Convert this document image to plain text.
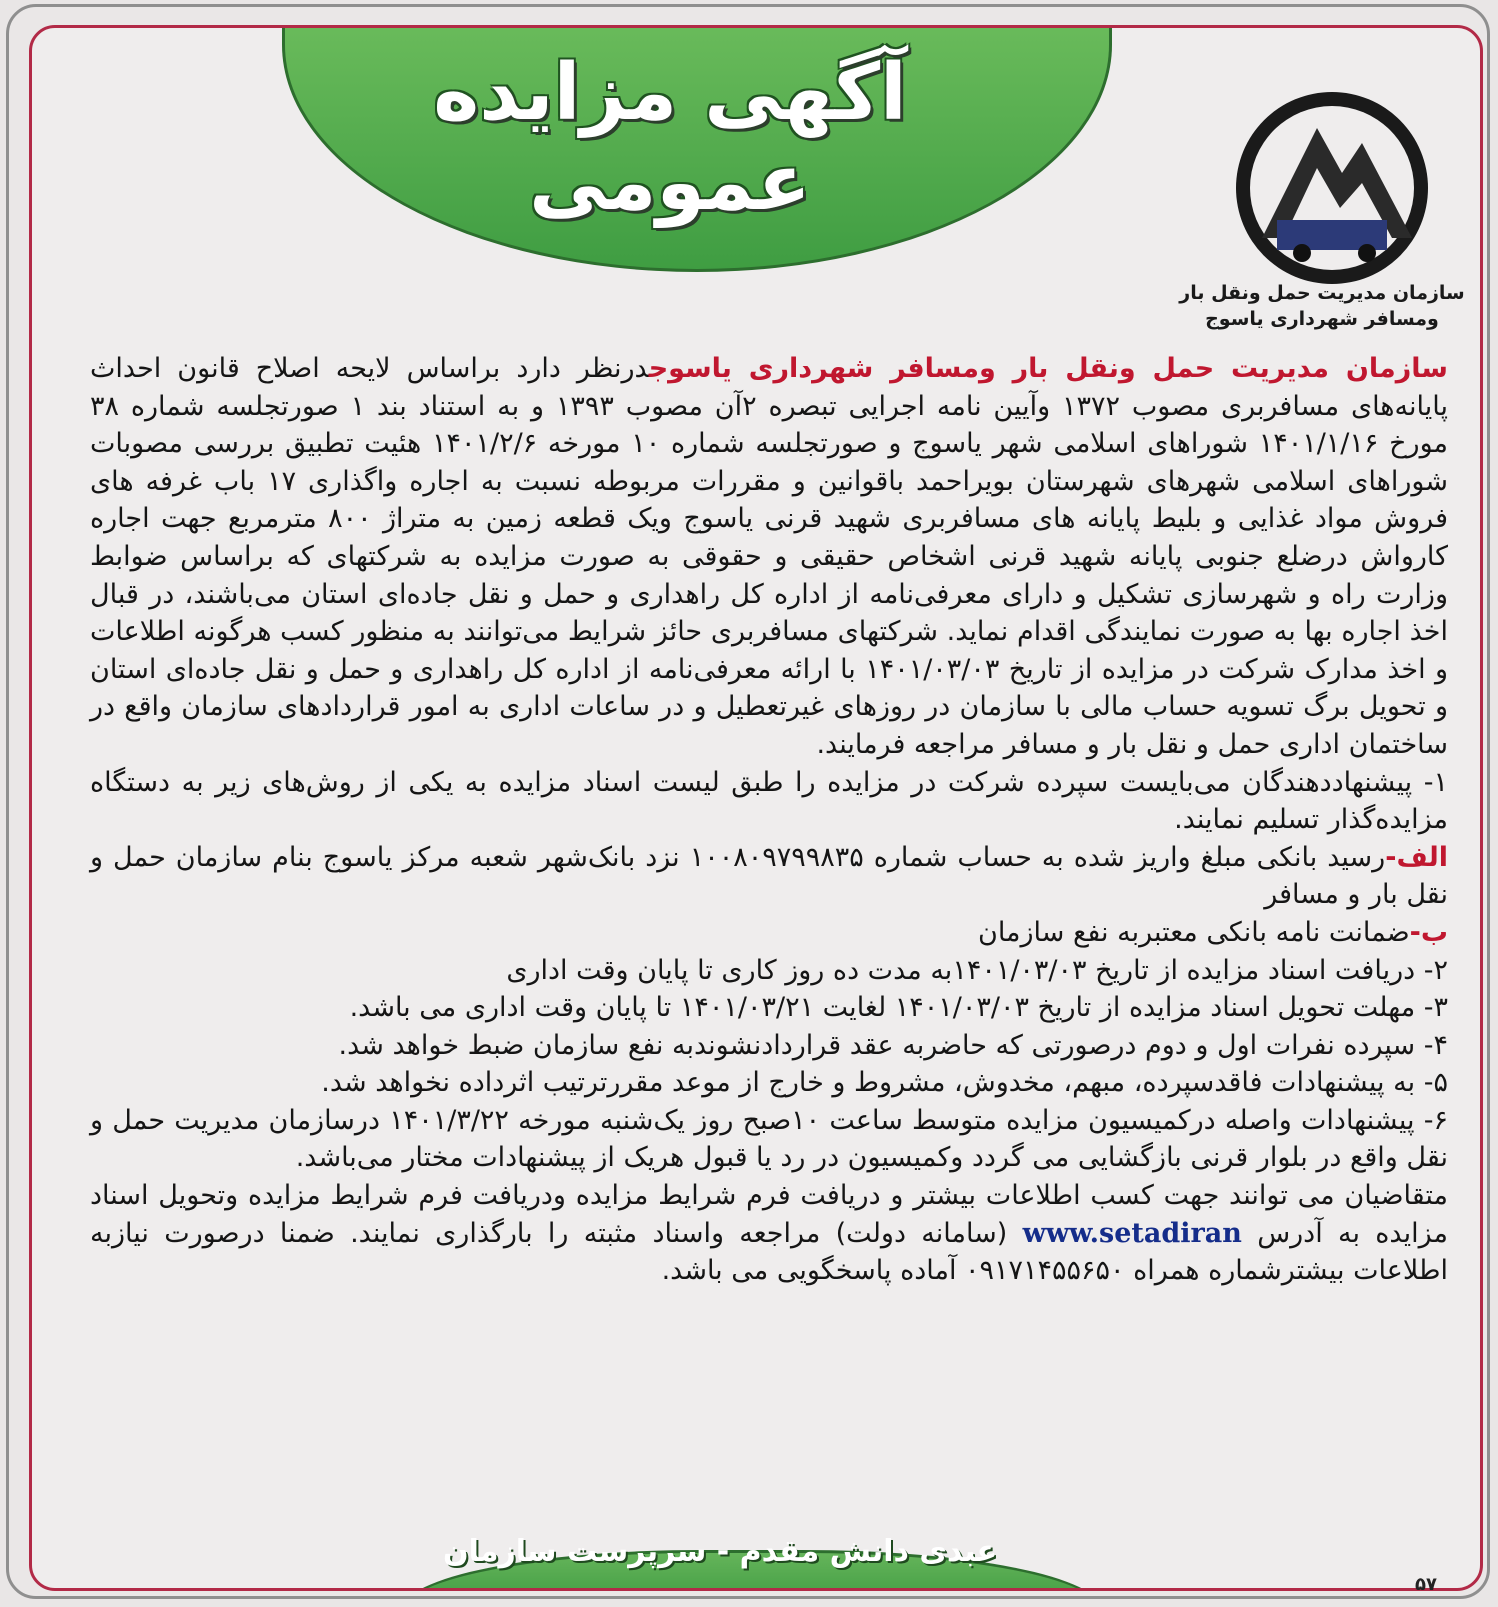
سازمان مدیریت حمل ونقل بار
ومسافر شهرداری یاسوج

سازمان مدیریت حمل ونقل بار ومسافر شهرداری یاسوجدرنظر دارد براساس لایحه اصلاح قانون احداث پایانه‌های مسافربری مصوب ۱۳۷۲ وآیین نامه اجرایی تبصره ۲آن مصوب ۱۳۹۳ و به استناد بند ۱ صورتجلسه شماره ۳۸ مورخ ۱۴۰۱/۱/۱۶ شوراهای اسلامی شهر یاسوج و صورتجلسه شماره ۱۰ مورخه ۱۴۰۱/۲/۶ هئیت تطبیق بررسی مصوبات شوراهای اسلامی شهرهای شهرستان بویراحمد باقوانین و مقررات مربوطه نسبت به اجاره واگذاری ۱۷ باب غرفه های فروش مواد غذایی و بلیط پایانه های مسافربری شهید قرنی یاسوج ویک قطعه زمین به متراژ ۸۰۰ مترمربع جهت اجاره کارواش درضلع جنوبی پایانه شهید قرنی اشخاص حقیقی و حقوقی به صورت مزایده به شرکتهای که براساس ضوابط وزارت راه و شهرسازی تشکیل و دارای معرفی‌نامه از اداره کل راهداری و حمل و نقل جاده‌ای استان می‌باشند، در قبال اخذ اجاره بها به صورت نمایندگی اقدام نماید. شرکتهای مسافربری حائز شرایط می‌توانند به منظور کسب هرگونه اطلاعات و اخذ مدارک شرکت در مزایده از تاریخ ۱۴۰۱/۰۳/۰۳ با ارائه معرفی‌نامه از اداره کل راهداری و حمل و نقل جاده‌ای استان و تحویل برگ تسویه حساب مالی با سازمان در روزهای غیرتعطیل و در ساعات اداری به امور قراردادهای سازمان واقع در ساختمان اداری حمل و نقل بار و مسافر مراجعه فرمایند.

۱- پیشنهاددهندگان می‌بایست سپرده شرکت در مزایده را طبق لیست اسناد مزایده به یکی از روش‌های زیر به دستگاه مزایده‌گذار تسلیم نمایند.

الف-رسید بانکی مبلغ واریز شده به حساب شماره ۱۰۰۸۰۹۷۹۹۸۳۵ نزد بانک‌شهر شعبه مرکز یاسوج بنام سازمان حمل و نقل بار و مسافر

ب-ضمانت نامه بانکی معتبربه نفع سازمان

۲- دریافت اسناد مزایده از تاریخ ۱۴۰۱/۰۳/۰۳به مدت ده روز کاری تا پایان وقت اداری

۳- مهلت تحویل اسناد مزایده از تاریخ ۱۴۰۱/۰۳/۰۳ لغایت ۱۴۰۱/۰۳/۲۱ تا پایان وقت اداری می باشد.

۴- سپرده نفرات اول و دوم درصورتی که حاضربه عقد قراردادنشوندبه نفع سازمان ضبط خواهد شد.

۵- به پیشنهادات فاقدسپرده، مبهم، مخدوش، مشروط و خارج از موعد مقررترتیب اثرداده نخواهد شد.

۶- پیشنهادات واصله درکمیسیون مزایده متوسط ساعت ۱۰صبح روز یک‌شنبه مورخه ۱۴۰۱/۳/۲۲ درسازمان مدیریت حمل و نقل واقع در بلوار قرنی بازگشایی می گردد وکمیسیون در رد یا قبول هریک از پیشنهادات مختار می‌باشد.

متقاضیان می توانند جهت کسب اطلاعات بیشتر و دریافت فرم شرایط مزایده ودریافت فرم شرایط مزایده وتحویل اسناد مزایده به آدرس www.setadiran (سامانه دولت) مراجعه واسناد مثبته را بارگذاری نمایند. ضمنا درصورت نیازبه اطلاعات بیشترشماره همراه ۰۹۱۷۱۴۵۵۶۵۰ آماده پاسخگویی می باشد.

آگهی مزایده عمومی
عبدی دانش مقدم - سرپرست سازمان
۵۷
